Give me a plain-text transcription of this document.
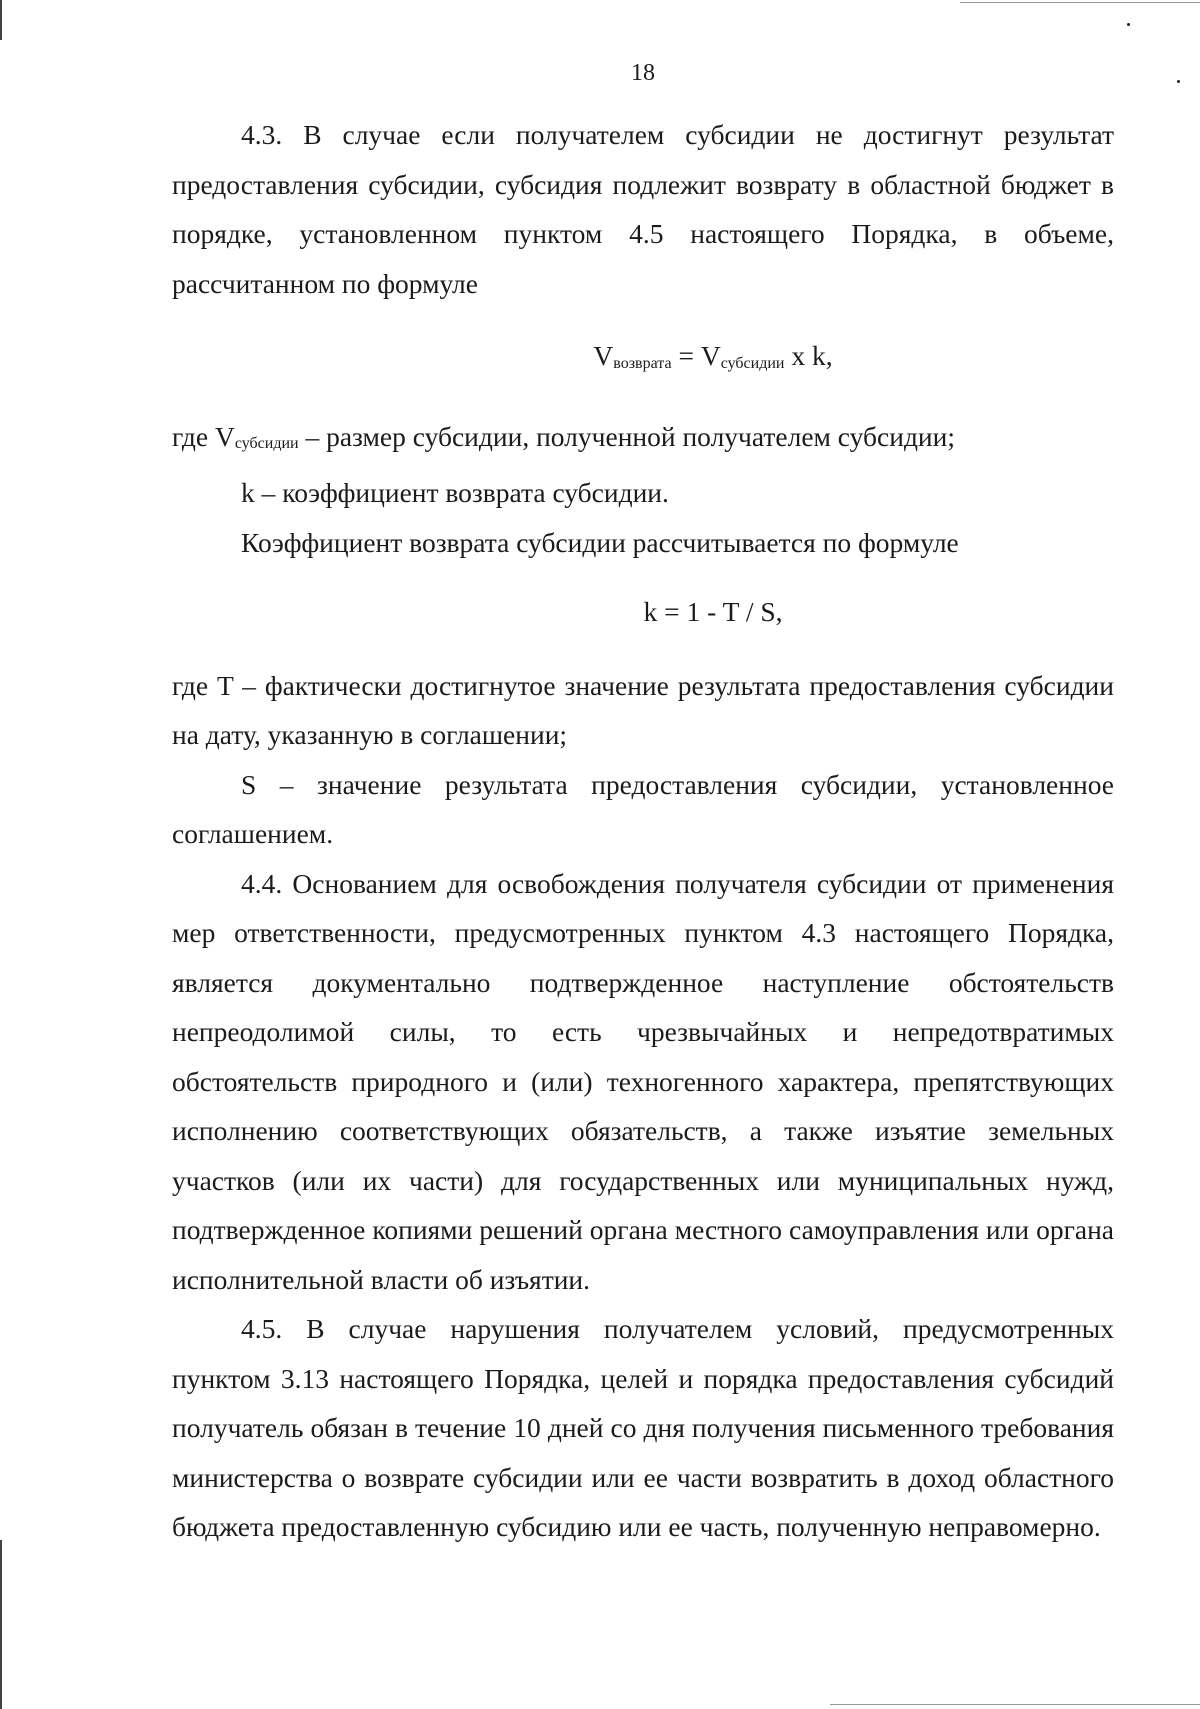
18

4.3. В случае если получателем субсидии не достигнут результат предоставления субсидии, субсидия подлежит возврату в областной бюджет в порядке, установленном пунктом 4.5 настоящего Порядка, в объеме, рассчитанном по формуле

Vвозврата = Vсубсидии x k,

где Vсубсидии – размер субсидии, полученной получателем субсидии;

k – коэффициент возврата субсидии.

Коэффициент возврата субсидии рассчитывается по формуле

k = 1 - T / S,

где T – фактически достигнутое значение результата предоставления субсидии на дату, указанную в соглашении;

S – значение результата предоставления субсидии, установленное соглашением.

4.4. Основанием для освобождения получателя субсидии от применения мер ответственности, предусмотренных пунктом 4.3 настоящего Порядка, является документально подтвержденное наступление обстоятельств непреодолимой силы, то есть чрезвычайных и непредотвратимых обстоятельств природного и (или) техногенного характера, препятствующих исполнению соответствующих обязательств, а также изъятие земельных участков (или их части) для государственных или муниципальных нужд, подтвержденное копиями решений органа местного самоуправления или органа исполнительной власти об изъятии.

4.5. В случае нарушения получателем условий, предусмотренных пунктом 3.13 настоящего Порядка, целей и порядка предоставления субсидий получатель обязан в течение 10 дней со дня получения письменного требования министерства о возврате субсидии или ее части возвратить в доход областного бюджета предоставленную субсидию или ее часть, полученную неправомерно.
